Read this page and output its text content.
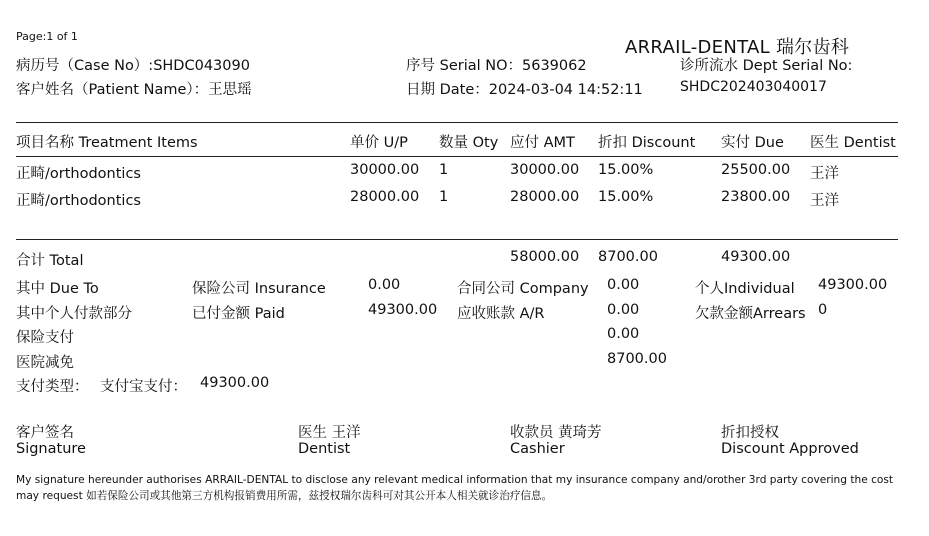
Page:1 of 1
ARRAIL-DENTAL 瑞尔齿科
病历号（Case No）:SHDC043090
客户姓名（Patient Name）：王思瑶
序号 Serial NO：5639062
日期 Date：2024-03-04 14:52:11
诊所流水 Dept Serial No:
SHDC202403040017
项目名称 Treatment Items	单价 U/P 数量 Oty 应付 AMT 折扣 Discount 实付 Due 医生 Dentist
正畸/orthodontics	30000.00 1	30000.00 15.00%	25500.00 王洋
正畸/orthodontics	28000.00 1	28000.00 15.00%	23800.00 王洋
合计 Total	58000.00 8700.00	49300.00
其中 Due To	保险公司 Insurance	0.00	合同公司 Company 0.00	个人Individual 49300.00
其中个人付款部分	已付金额 Paid	49300.00 应收账款 A/R	0.00	欠款金额Arrears 0
保险支付	0.00
医院减免	8700.00
支付类型： 支付宝支付： 49300.00
客户签名
Signature
医生 王洋
Dentist
收款员 黄琦芳
Cashier
折扣授权
Discount Approved
My signature hereunder authorises ARRAIL-DENTAL to disclose any relevant medical information that my insurance company and/orother 3rd party covering the cost
may request 如若保险公司或其他第三方机构报销费用所需，兹授权瑞尔齿科可对其公开本人相关就诊治疗信息。
